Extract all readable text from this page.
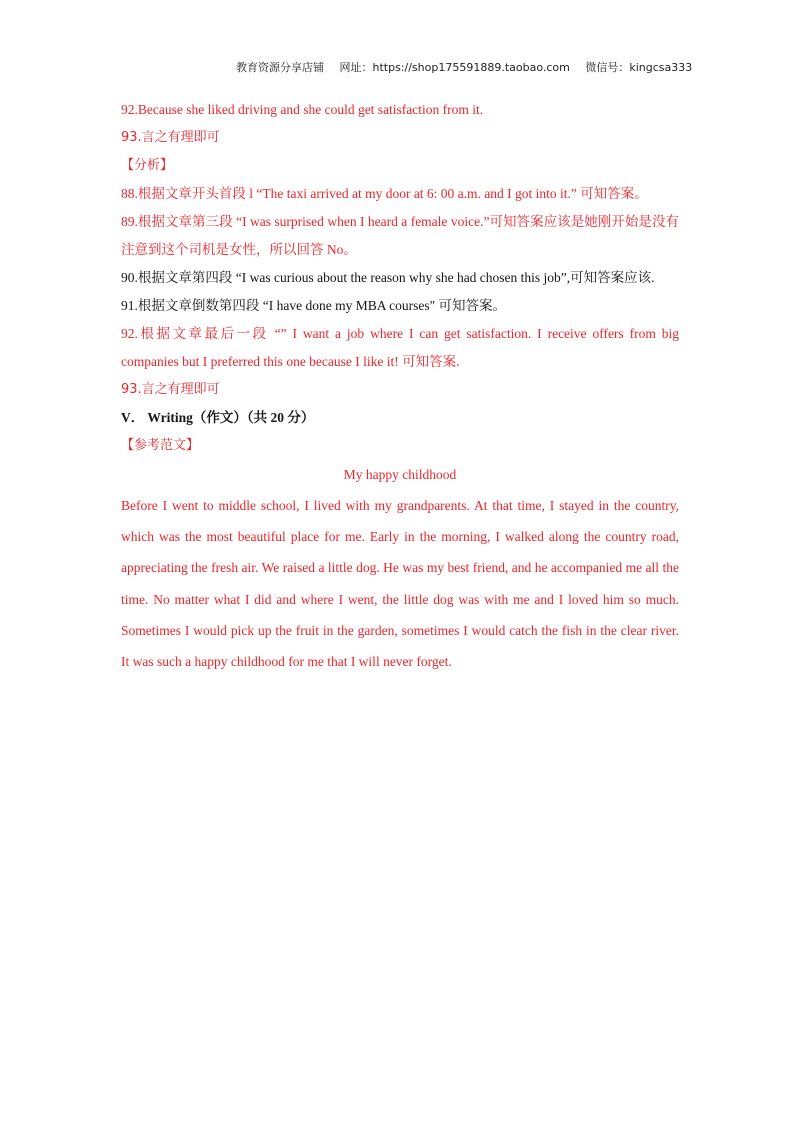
教育资源分享店铺 网址：https://shop175591889.taobao.com 微信号：kingcsa333

92.Because she liked driving and she could get satisfaction from it.

93.言之有理即可

【分析】

88.根据文章开头首段 l “The taxi arrived at my door at 6: 00 a.m. and I got into it.” 可知答案。

89.根据文章第三段 “I was surprised when I heard a female voice.”可知答案应该是她刚开始是没有注意到这个司机是女性，所以回答 No。

90.根据文章第四段 “I was curious about the reason why she had chosen this job”,可知答案应该.

91.根据文章倒数第四段 “I have done my MBA courses" 可知答案。

92.根据文章最后一段 “” I want a job where I can get satisfaction. I receive offers from big companies but I preferred this one because I like it! 可知答案.

93.言之有理即可

V． Writing（作文）（共 20 分）

【参考范文】

My happy childhood

Before I went to middle school, I lived with my grandparents. At that time, I stayed in the country, which was the most beautiful place for me. Early in the morning, I walked along the country road, appreciating the fresh air. We raised a little dog. He was my best friend, and he accompanied me all the time. No matter what I did and where I went, the little dog was with me and I loved him so much. Sometimes I would pick up the fruit in the garden, sometimes I would catch the fish in the clear river. It was such a happy childhood for me that I will never forget.
